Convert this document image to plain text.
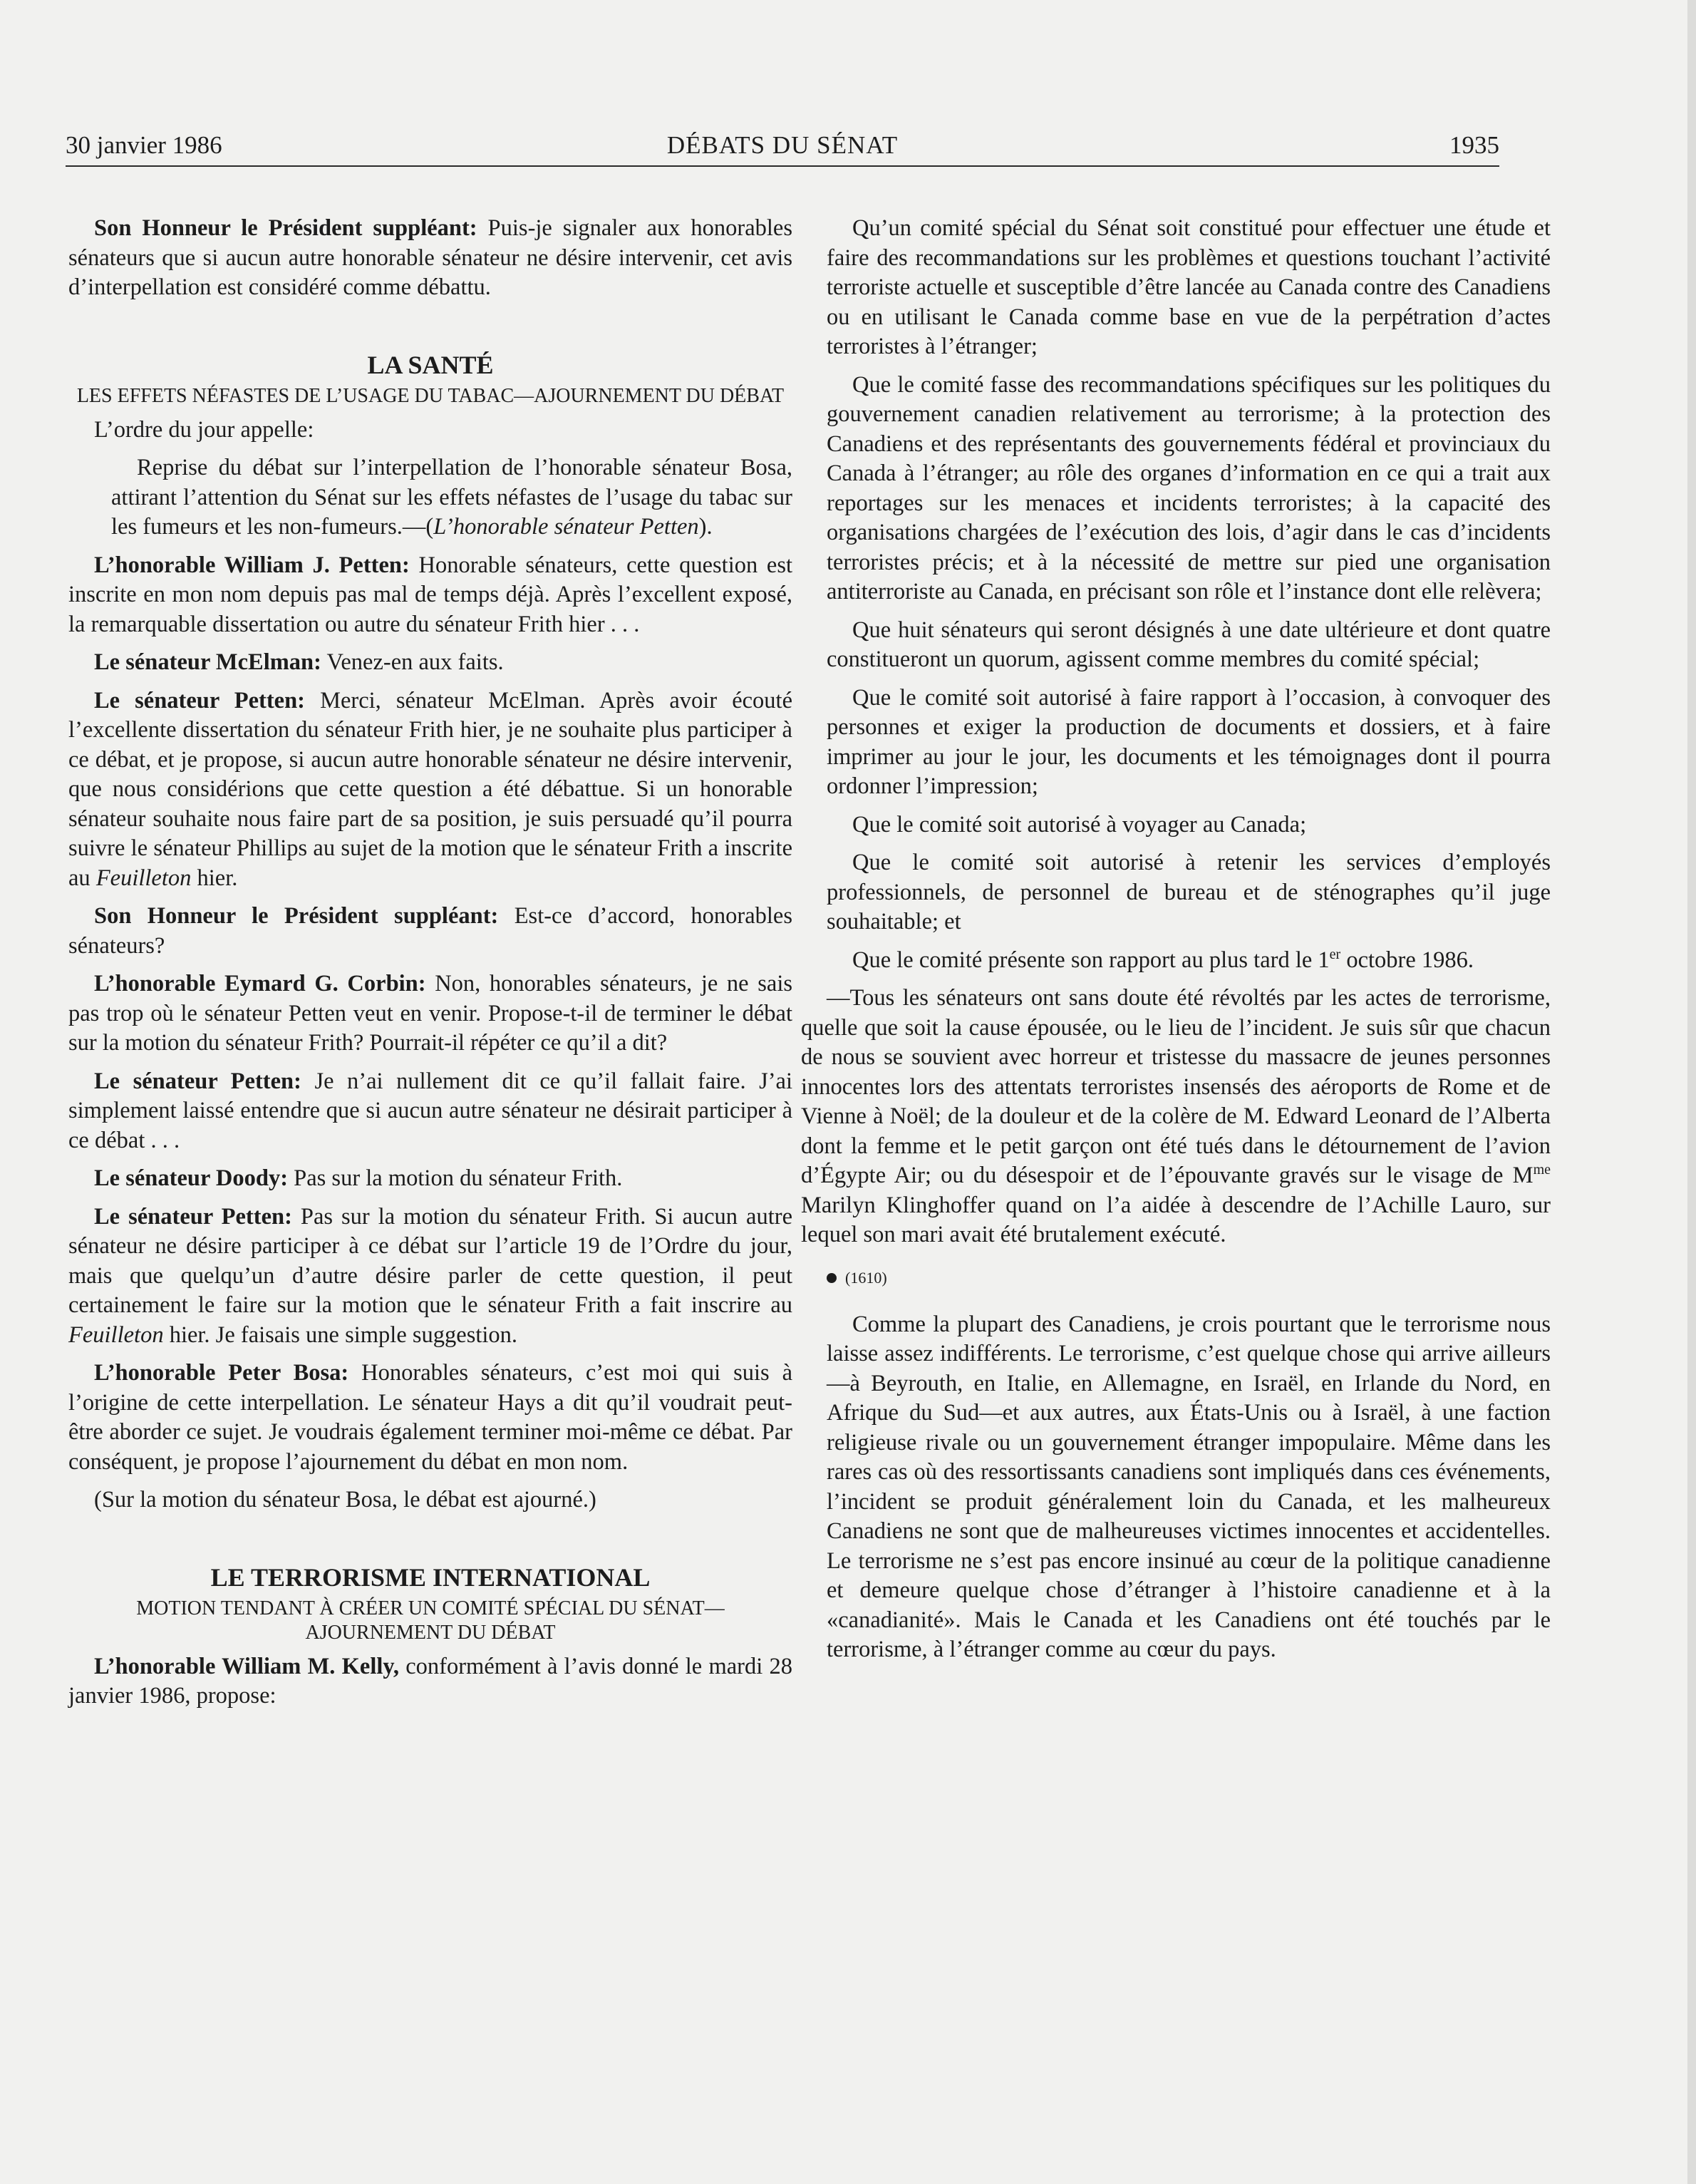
30 janvier 1986	DÉBATS DU SÉNAT	1935

Son Honneur le Président suppléant: Puis-je signaler aux honorables sénateurs que si aucun autre honorable sénateur ne désire intervenir, cet avis d’interpellation est considéré comme débattu.

LA SANTÉ
LES EFFETS NÉFASTES DE L’USAGE DU TABAC—AJOURNEMENT DU DÉBAT

L’ordre du jour appelle:

Reprise du débat sur l’interpellation de l’honorable sénateur Bosa, attirant l’attention du Sénat sur les effets néfastes de l’usage du tabac sur les fumeurs et les non-fumeurs.—(L’honorable sénateur Petten).

L’honorable William J. Petten: Honorable sénateurs, cette question est inscrite en mon nom depuis pas mal de temps déjà. Après l’excellent exposé, la remarquable dissertation ou autre du sénateur Frith hier . . .

Le sénateur McElman: Venez-en aux faits.

Le sénateur Petten: Merci, sénateur McElman. Après avoir écouté l’excellente dissertation du sénateur Frith hier, je ne souhaite plus participer à ce débat, et je propose, si aucun autre honorable sénateur ne désire intervenir, que nous considérions que cette question a été débattue. Si un honorable sénateur souhaite nous faire part de sa position, je suis persuadé qu’il pourra suivre le sénateur Phillips au sujet de la motion que le sénateur Frith a inscrite au Feuilleton hier.

Son Honneur le Président suppléant: Est-ce d’accord, honorables sénateurs?

L’honorable Eymard G. Corbin: Non, honorables sénateurs, je ne sais pas trop où le sénateur Petten veut en venir. Propose-t-il de terminer le débat sur la motion du sénateur Frith? Pourrait-il répéter ce qu’il a dit?

Le sénateur Petten: Je n’ai nullement dit ce qu’il fallait faire. J’ai simplement laissé entendre que si aucun autre sénateur ne désirait participer à ce débat . . .

Le sénateur Doody: Pas sur la motion du sénateur Frith.

Le sénateur Petten: Pas sur la motion du sénateur Frith. Si aucun autre sénateur ne désire participer à ce débat sur l’article 19 de l’Ordre du jour, mais que quelqu’un d’autre désire parler de cette question, il peut certainement le faire sur la motion que le sénateur Frith a fait inscrire au Feuilleton hier. Je faisais une simple suggestion.

L’honorable Peter Bosa: Honorables sénateurs, c’est moi qui suis à l’origine de cette interpellation. Le sénateur Hays a dit qu’il voudrait peut-être aborder ce sujet. Je voudrais également terminer moi-même ce débat. Par conséquent, je propose l’ajournement du débat en mon nom.

(Sur la motion du sénateur Bosa, le débat est ajourné.)

LE TERRORISME INTERNATIONAL
MOTION TENDANT À CRÉER UN COMITÉ SPÉCIAL DU SÉNAT—AJOURNEMENT DU DÉBAT

L’honorable William M. Kelly, conformément à l’avis donné le mardi 28 janvier 1986, propose:

Qu’un comité spécial du Sénat soit constitué pour effectuer une étude et faire des recommandations sur les problèmes et questions touchant l’activité terroriste actuelle et susceptible d’être lancée au Canada contre des Canadiens ou en utilisant le Canada comme base en vue de la perpétration d’actes terroristes à l’étranger;

Que le comité fasse des recommandations spécifiques sur les politiques du gouvernement canadien relativement au terrorisme; à la protection des Canadiens et des représentants des gouvernements fédéral et provinciaux du Canada à l’étranger; au rôle des organes d’information en ce qui a trait aux reportages sur les menaces et incidents terroristes; à la capacité des organisations chargées de l’exécution des lois, d’agir dans le cas d’incidents terroristes précis; et à la nécessité de mettre sur pied une organisation antiterroriste au Canada, en précisant son rôle et l’instance dont elle relèvera;

Que huit sénateurs qui seront désignés à une date ultérieure et dont quatre constitueront un quorum, agissent comme membres du comité spécial;

Que le comité soit autorisé à faire rapport à l’occasion, à convoquer des personnes et exiger la production de documents et dossiers, et à faire imprimer au jour le jour, les documents et les témoignages dont il pourra ordonner l’impression;

Que le comité soit autorisé à voyager au Canada;

Que le comité soit autorisé à retenir les services d’employés professionnels, de personnel de bureau et de sténographes qu’il juge souhaitable; et

Que le comité présente son rapport au plus tard le 1er octobre 1986.

—Tous les sénateurs ont sans doute été révoltés par les actes de terrorisme, quelle que soit la cause épousée, ou le lieu de l’incident. Je suis sûr que chacun de nous se souvient avec horreur et tristesse du massacre de jeunes personnes innocentes lors des attentats terroristes insensés des aéroports de Rome et de Vienne à Noël; de la douleur et de la colère de M. Edward Leonard de l’Alberta dont la femme et le petit garçon ont été tués dans le détournement de l’avion d’Égypte Air; ou du désespoir et de l’épouvante gravés sur le visage de $M^{me}$ Marilyn Klinghoffer quand on l’a aidée à descendre de l’Achille Lauro, sur lequel son mari avait été brutalement exécuté.

(1610)

Comme la plupart des Canadiens, je crois pourtant que le terrorisme nous laisse assez indifférents. Le terrorisme, c’est quelque chose qui arrive ailleurs—à Beyrouth, en Italie, en Allemagne, en Israël, en Irlande du Nord, en Afrique du Sud—et aux autres, aux États-Unis ou à Israël, à une faction religieuse rivale ou un gouvernement étranger impopulaire. Même dans les rares cas où des ressortissants canadiens sont impliqués dans ces événements, l’incident se produit généralement loin du Canada, et les malheureux Canadiens ne sont que de malheureuses victimes innocentes et accidentelles. Le terrorisme ne s’est pas encore insinué au cœur de la politique canadienne et demeure quelque chose d’étranger à l’histoire canadienne et à la «canadianité». Mais le Canada et les Canadiens ont été touchés par le terrorisme, à l’étranger comme au cœur du pays.
